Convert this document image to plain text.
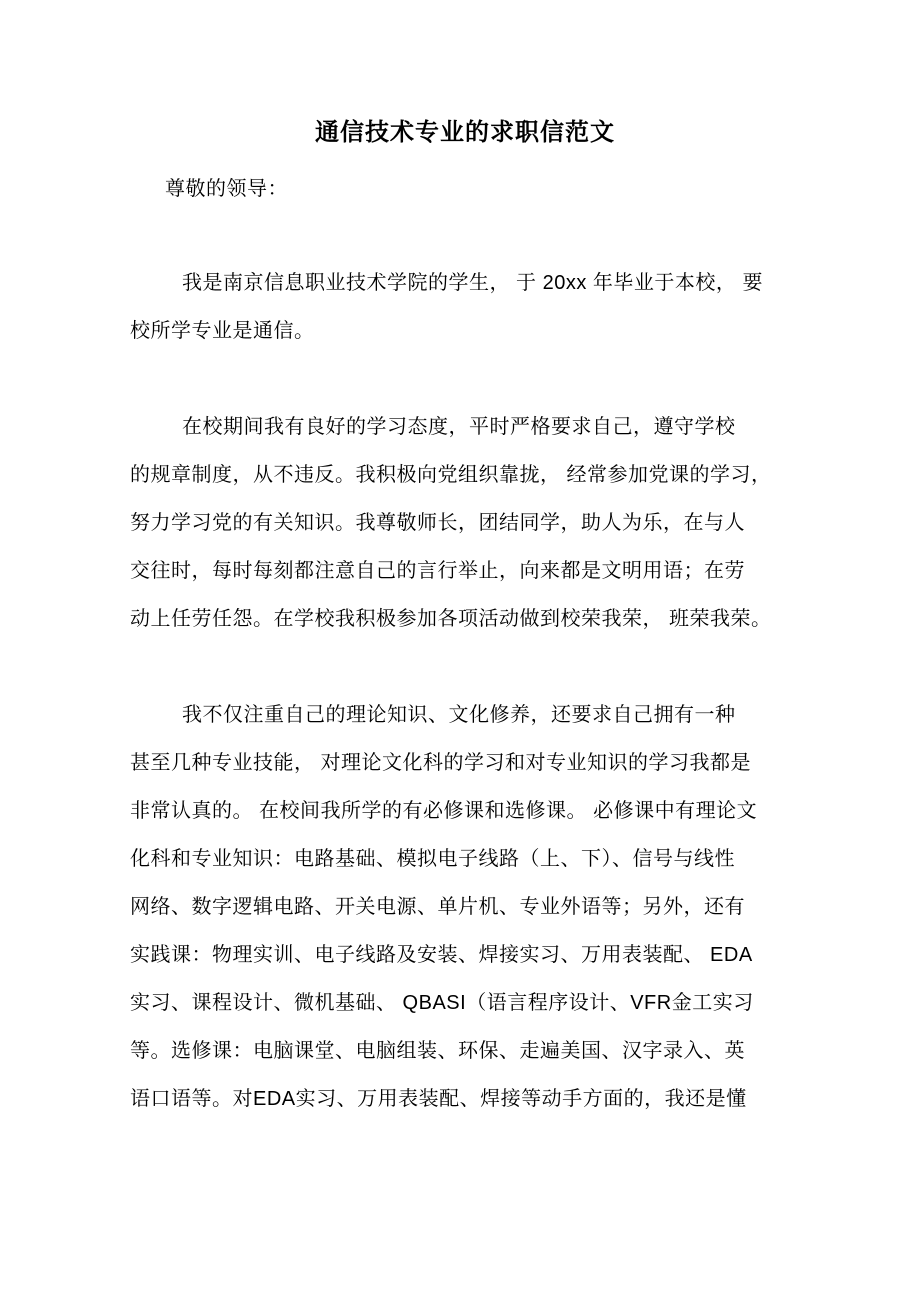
通信技术专业的求职信范文
尊敬的领导：
我是南京信息职业技术学院的学生， 于 20xx 年毕业于本校， 要
校所学专业是通信。
在校期间我有良好的学习态度，平时严格要求自己，遵守学校
的规章制度，从不违反。我积极向党组织靠拢， 经常参加党课的学习，
努力学习党的有关知识。我尊敬师长，团结同学，助人为乐，在与人
交往时，每时每刻都注意自己的言行举止，向来都是文明用语；在劳
动上任劳任怨。在学校我积极参加各项活动做到校荣我荣， 班荣我荣。
我不仅注重自己的理论知识、文化修养，还要求自己拥有一种
甚至几种专业技能， 对理论文化科的学习和对专业知识的学习我都是
非常认真的。 在校间我所学的有必修课和选修课。 必修课中有理论文
化科和专业知识：电路基础、模拟电子线路（上、下）、信号与线性
网络、数字逻辑电路、开关电源、单片机、专业外语等；另外，还有
实践课：物理实训、电子线路及安装、焊接实习、万用表装配、 EDA
实习、课程设计、微机基础、 QBASI（语言程序设计、VFR金工实习
等。选修课：电脑课堂、电脑组装、环保、走遍美国、汉字录入、英
语口语等。对EDA实习、万用表装配、焊接等动手方面的，我还是懂
